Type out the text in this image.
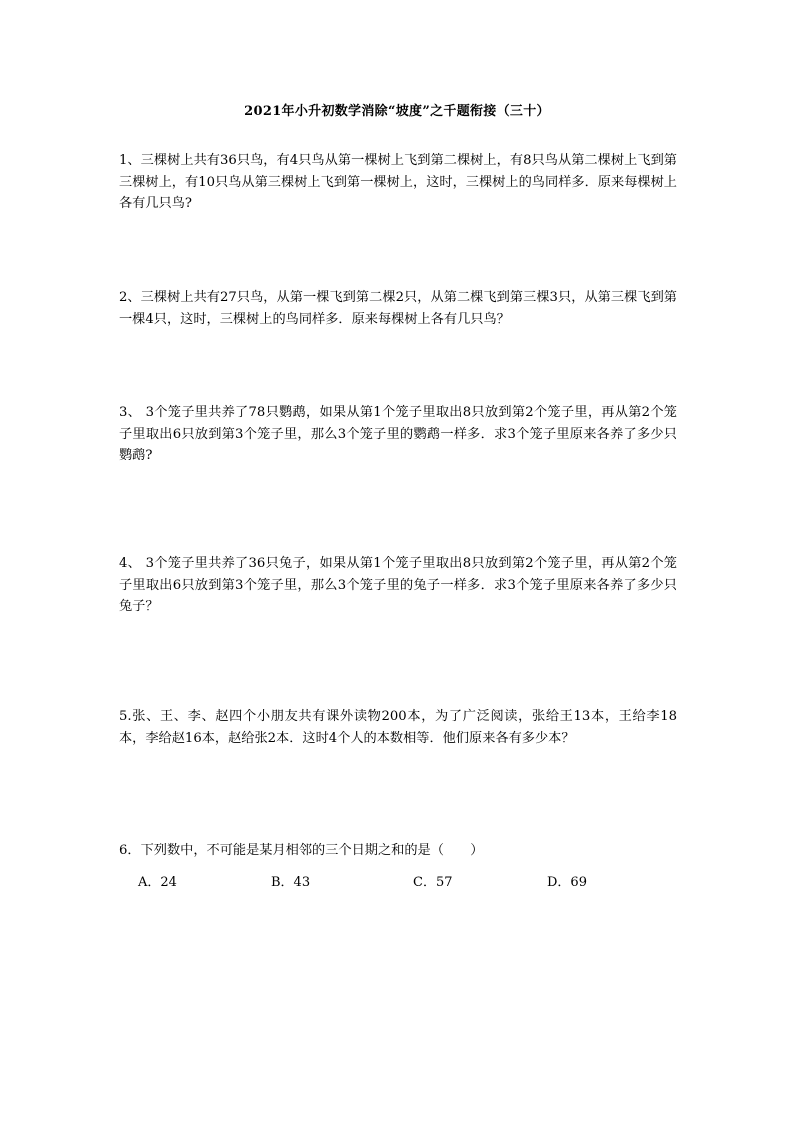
2021年小升初数学消除“坡度”之千题衔接（三十）
1、三棵树上共有36只鸟，有4只鸟从第一棵树上飞到第二棵树上，有8只鸟从第二棵树上飞到第三棵树上，有10只鸟从第三棵树上飞到第一棵树上，这时，三棵树上的鸟同样多．原来每棵树上各有几只鸟?
2、三棵树上共有27只鸟，从第一棵飞到第二棵2只，从第二棵飞到第三棵3只，从第三棵飞到第一棵4只，这时，三棵树上的鸟同样多．原来每棵树上各有几只鸟？
3、 3个笼子里共养了78只鹦鹉，如果从第1个笼子里取出8只放到第2个笼子里，再从第2个笼子里取出6只放到第3个笼子里，那么3个笼子里的鹦鹉一样多．求3个笼子里原来各养了多少只鹦鹉?
4、 3个笼子里共养了36只兔子，如果从第1个笼子里取出8只放到第2个笼子里，再从第2个笼子里取出6只放到第3个笼子里，那么3个笼子里的兔子一样多．求3个笼子里原来各养了多少只兔子？
5.张、王、李、赵四个小朋友共有课外读物200本，为了广泛阅读，张给王13本，王给李18本，李给赵16本，赵给张2本．这时4个人的本数相等．他们原来各有多少本？
6．下列数中，不可能是某月相邻的三个日期之和的是（　　）
A．24	B．43	C．57	D．69
